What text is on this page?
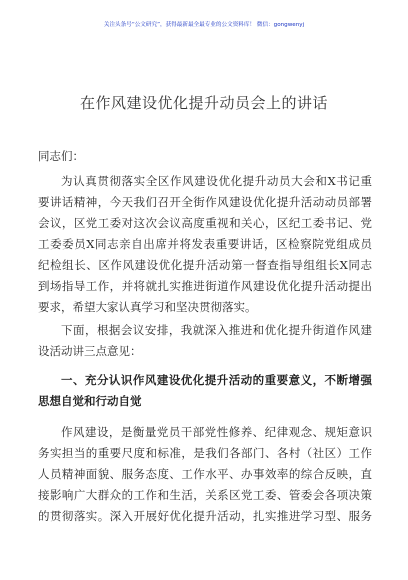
关注头条号“公文研究”，获得最新最全最专业的公文资料库！ 微信：gongwenyj
在作风建设优化提升动员会上的讲话
同志们：
为认真贯彻落实全区作风建设优化提升动员大会和X书记重
要讲话精神，今天我们召开全街作风建设优化提升活动动员部署
会议，区党工委对这次会议高度重视和关心，区纪工委书记、党
工委委员X同志亲自出席并将发表重要讲话，区检察院党组成员
纪检组长、区作风建设优化提升活动第一督查指导组组长X同志
到场指导工作，并将就扎实推进街道作风建设优化提升活动提出
要求，希望大家认真学习和坚决贯彻落实。
下面，根据会议安排，我就深入推进和优化提升街道作风建
设活动讲三点意见：
一、充分认识作风建设优化提升活动的重要意义，不断增强
思想自觉和行动自觉
作风建设，是衡量党员干部党性修养、纪律观念、规矩意识
务实担当的重要尺度和标准，是我们各部门、各村（社区）工作
人员精神面貌、服务态度、工作水平、办事效率的综合反映，直
接影响广大群众的工作和生活，关系区党工委、管委会各项决策
的贯彻落实。深入开展好优化提升活动，扎实推进学习型、服务
